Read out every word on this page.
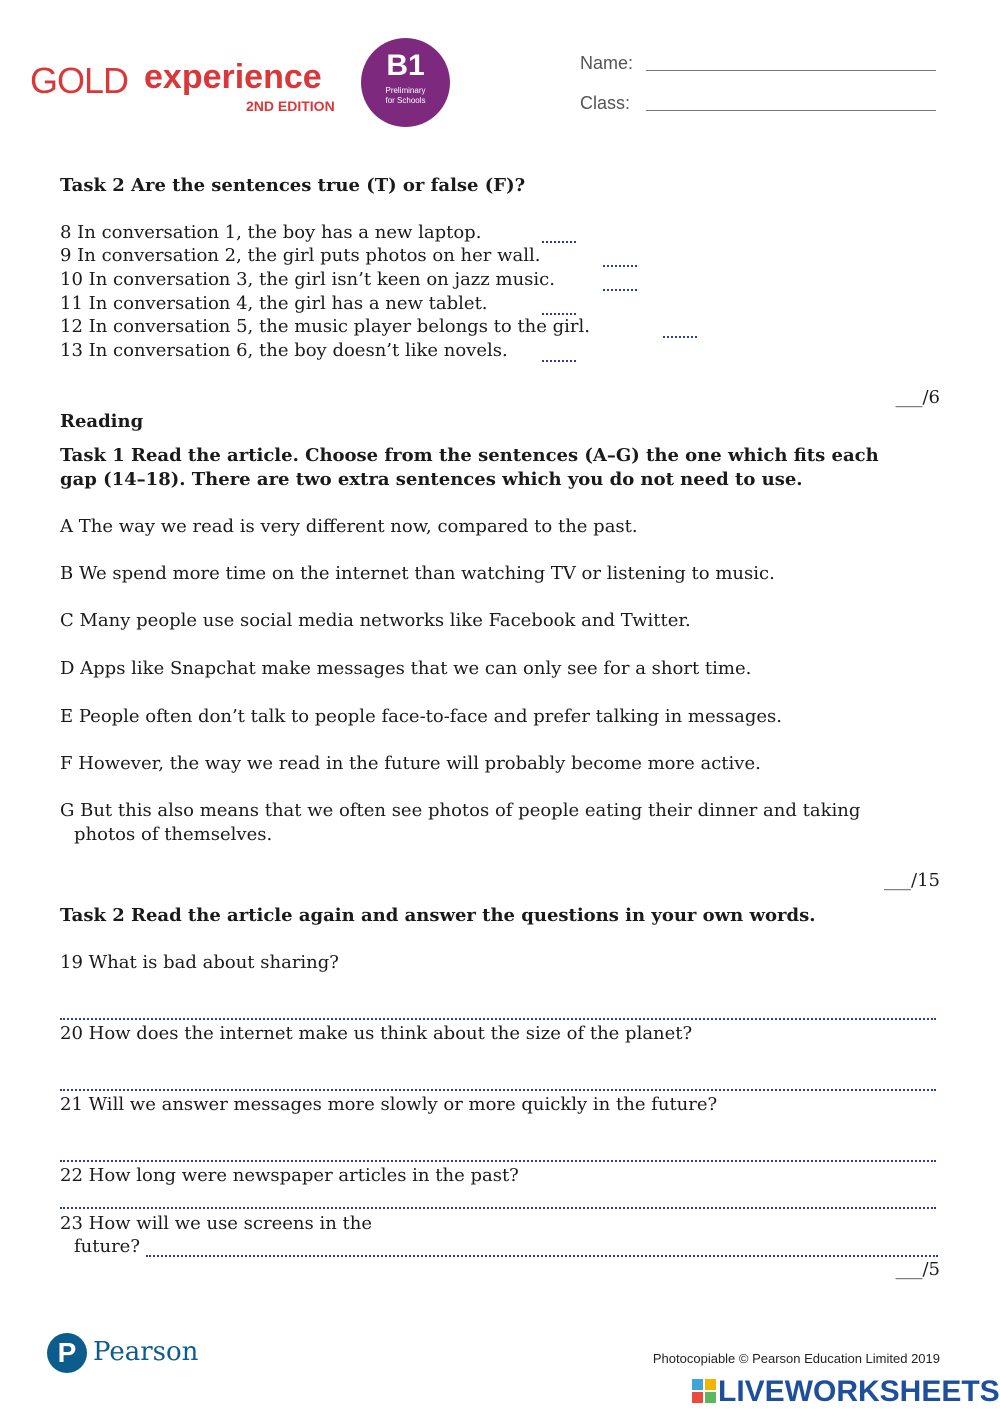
GOLD experience
2ND EDITION
B1
Preliminary
for Schools
Name:
Class:
Task 2 Are the sentences true (T) or false (F)?
8 In conversation 1, the boy has a new laptop.
9 In conversation 2, the girl puts photos on her wall.
10 In conversation 3, the girl isn’t keen on jazz music.
11 In conversation 4, the girl has a new tablet.
12 In conversation 5, the music player belongs to the girl.
13 In conversation 6, the boy doesn’t like novels.
___/6
Reading
Task 1 Read the article. Choose from the sentences (A–G) the one which fits each
gap (14–18). There are two extra sentences which you do not need to use.
A The way we read is very different now, compared to the past.
B We spend more time on the internet than watching TV or listening to music.
C Many people use social media networks like Facebook and Twitter.
D Apps like Snapchat make messages that we can only see for a short time.
E People often don’t talk to people face-to-face and prefer talking in messages.
F However, the way we read in the future will probably become more active.
G But this also means that we often see photos of people eating their dinner and taking
photos of themselves.
___/15
Task 2 Read the article again and answer the questions in your own words.
19 What is bad about sharing?
20 How does the internet make us think about the size of the planet?
21 Will we answer messages more slowly or more quickly in the future?
22 How long were newspaper articles in the past?
23 How will we use screens in the
future?
___/5
P Pearson	Photocopiable © Pearson Education Limited 2019
LIVEWORKSHEETS
